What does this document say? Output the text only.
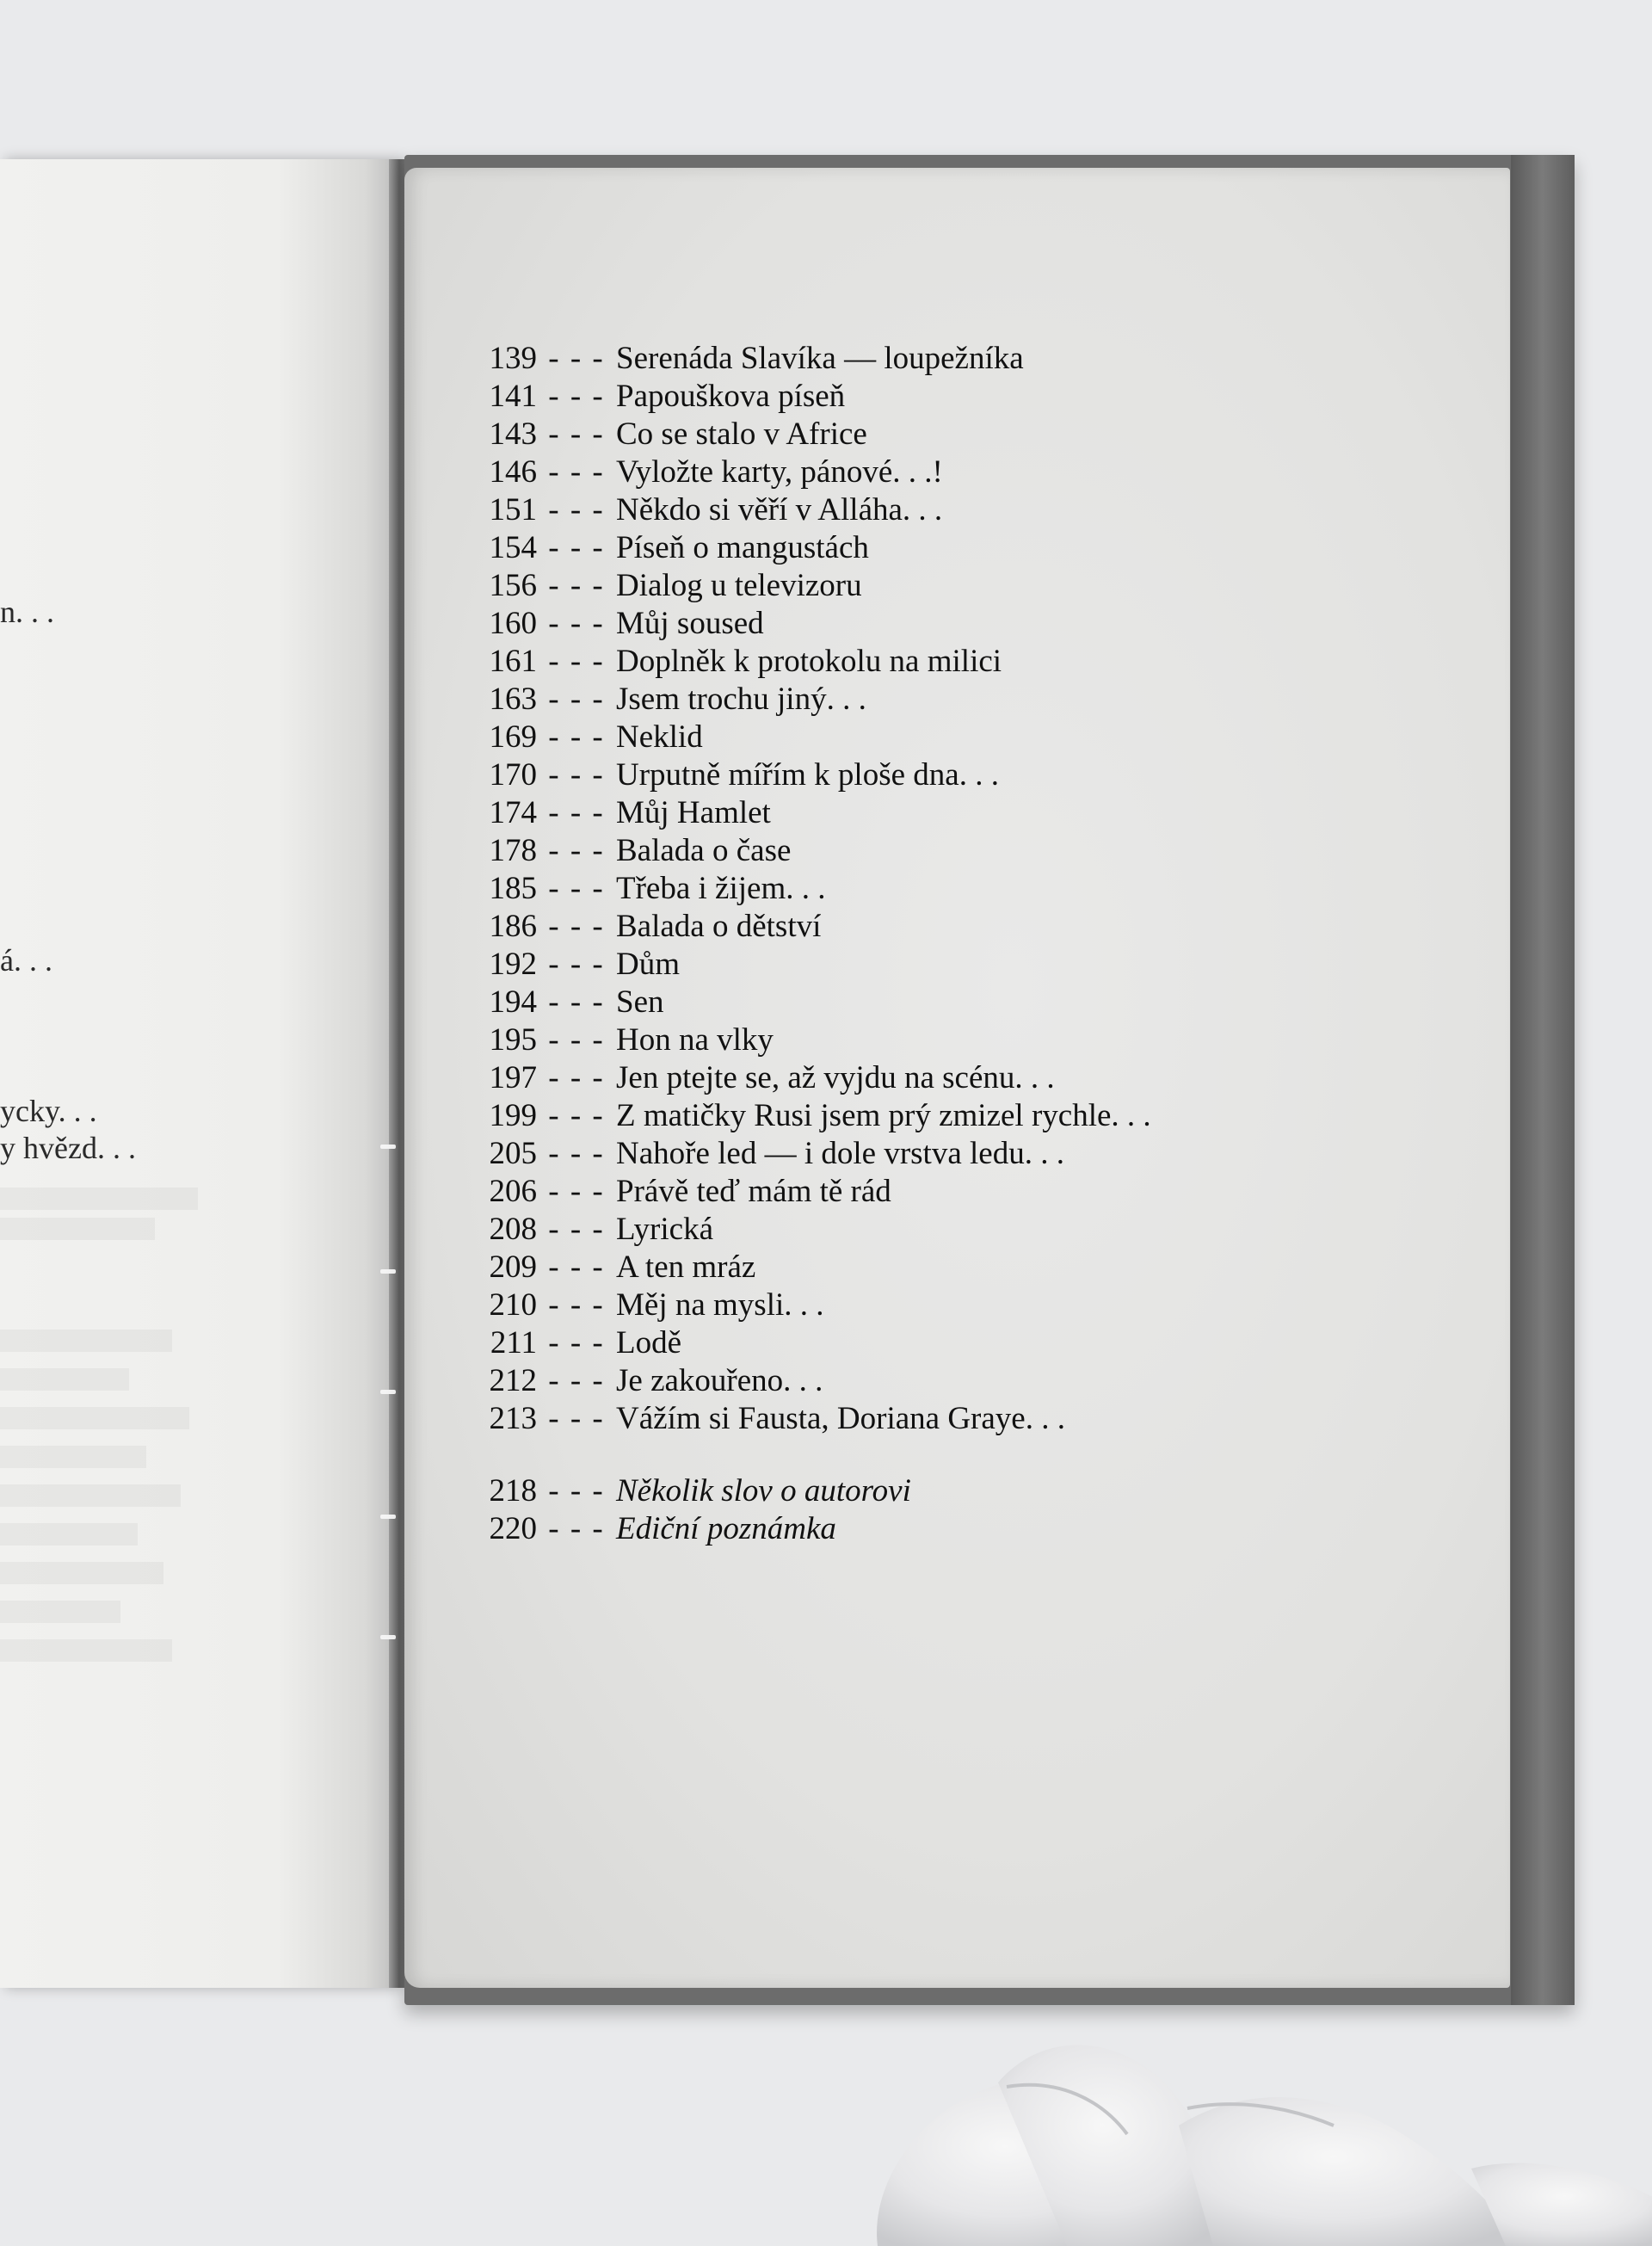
n. . .
á. . .
ycky. . .
y hvězd. . .
139 - - - Serenáda Slavíka — loupežníka
141 - - - Papouškova píseň
143 - - - Co se stalo v Africe
146 - - - Vyložte karty, pánové. . .!
151 - - - Někdo si věří v Alláha. . .
154 - - - Píseň o mangustách
156 - - - Dialog u televizoru
160 - - - Můj soused
161 - - - Doplněk k protokolu na milici
163 - - - Jsem trochu jiný. . .
169 - - - Neklid
170 - - - Urputně mířím k ploše dna. . .
174 - - - Můj Hamlet
178 - - - Balada o čase
185 - - - Třeba i žijem. . .
186 - - - Balada o dětství
192 - - - Dům
194 - - - Sen
195 - - - Hon na vlky
197 - - - Jen ptejte se, až vyjdu na scénu. . .
199 - - - Z matičky Rusi jsem prý zmizel rychle. . .
205 - - - Nahoře led — i dole vrstva ledu. . .
206 - - - Právě teď mám tě rád
208 - - - Lyrická
209 - - - A ten mráz
210 - - - Měj na mysli. . .
211 - - - Lodě
212 - - - Je zakouřeno. . .
213 - - - Vážím si Fausta, Doriana Graye. . .
218 - - - Několik slov o autorovi
220 - - - Ediční poznámka
